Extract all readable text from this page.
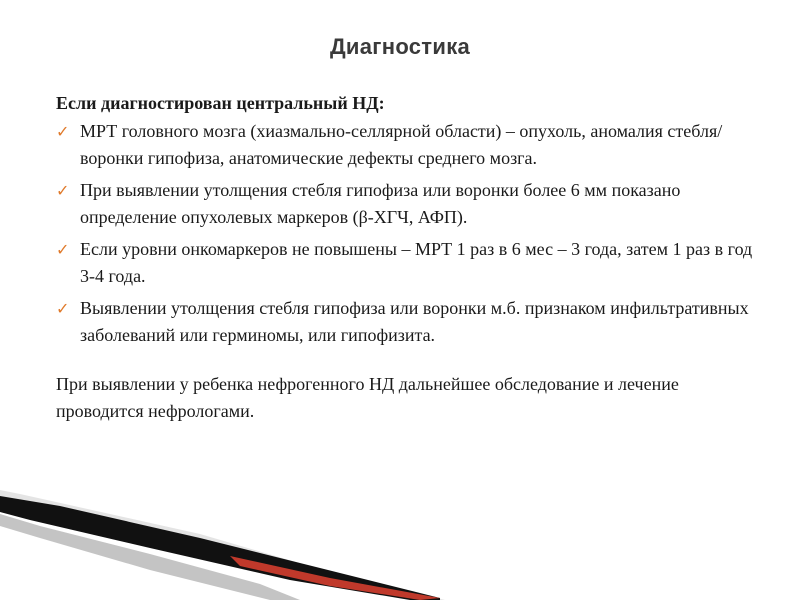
Диагностика
Если диагностирован центральный НД:
✓ МРТ головного мозга (хиазмально-селлярной области) – опухоль, аномалия стебля/воронки гипофиза, анатомические дефекты среднего мозга.
✓ При выявлении утолщения стебля гипофиза или воронки более 6 мм показано определение опухолевых маркеров (β-ХГЧ, АФП).
✓ Если уровни онкомаркеров не повышены – МРТ 1 раз в 6 мес – 3 года, затем 1 раз в год 3-4 года.
✓ Выявлении утолщения стебля гипофиза или воронки м.б. признаком инфильтративных заболеваний или герминомы, или гипофизита.
При выявлении у ребенка нефрогенного НД дальнейшее обследование и лечение проводится нефрологами.
